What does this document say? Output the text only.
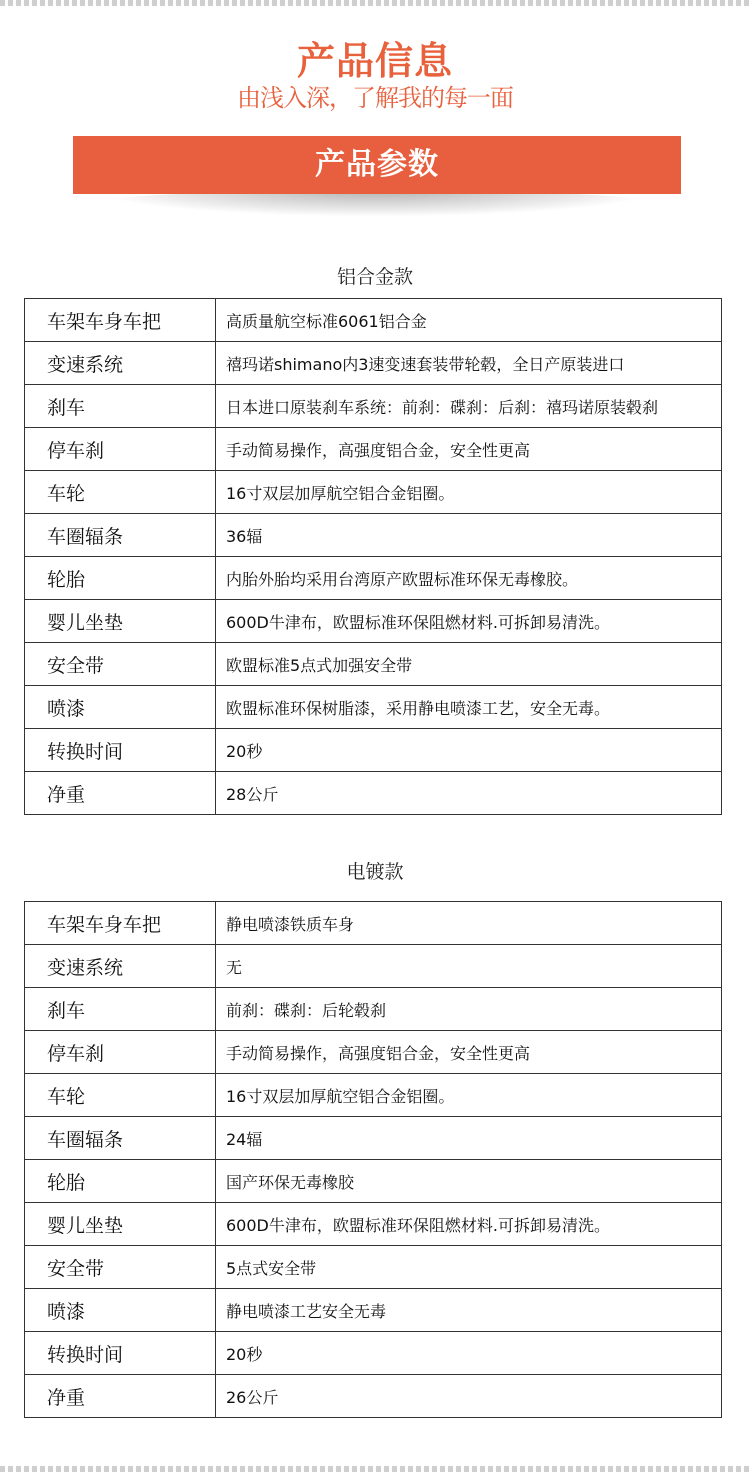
产品信息
由浅入深，了解我的每一面
产品参数
铝合金款
车架车身车把	高质量航空标准6061铝合金
变速系统	禧玛诺shimano内3速变速套装带轮毂，全日产原装进口
刹车	日本进口原装刹车系统：前刹：碟刹：后刹：禧玛诺原装毂刹
停车刹	手动简易操作，高强度铝合金，安全性更高
车轮	16寸双层加厚航空铝合金铝圈。
车圈辐条	36辐
轮胎	内胎外胎均采用台湾原产欧盟标准环保无毒橡胶。
婴儿坐垫	600D牛津布，欧盟标准环保阻燃材料.可拆卸易清洗。
安全带	欧盟标准5点式加强安全带
喷漆	欧盟标准环保树脂漆，采用静电喷漆工艺，安全无毒。
转换时间	20秒
净重	28公斤
电镀款
车架车身车把	静电喷漆铁质车身
变速系统	无
刹车	前刹：碟刹：后轮毂刹
停车刹	手动简易操作，高强度铝合金，安全性更高
车轮	16寸双层加厚航空铝合金铝圈。
车圈辐条	24辐
轮胎	国产环保无毒橡胶
婴儿坐垫	600D牛津布，欧盟标准环保阻燃材料.可拆卸易清洗。
安全带	5点式安全带
喷漆	静电喷漆工艺安全无毒
转换时间	20秒
净重	26公斤
